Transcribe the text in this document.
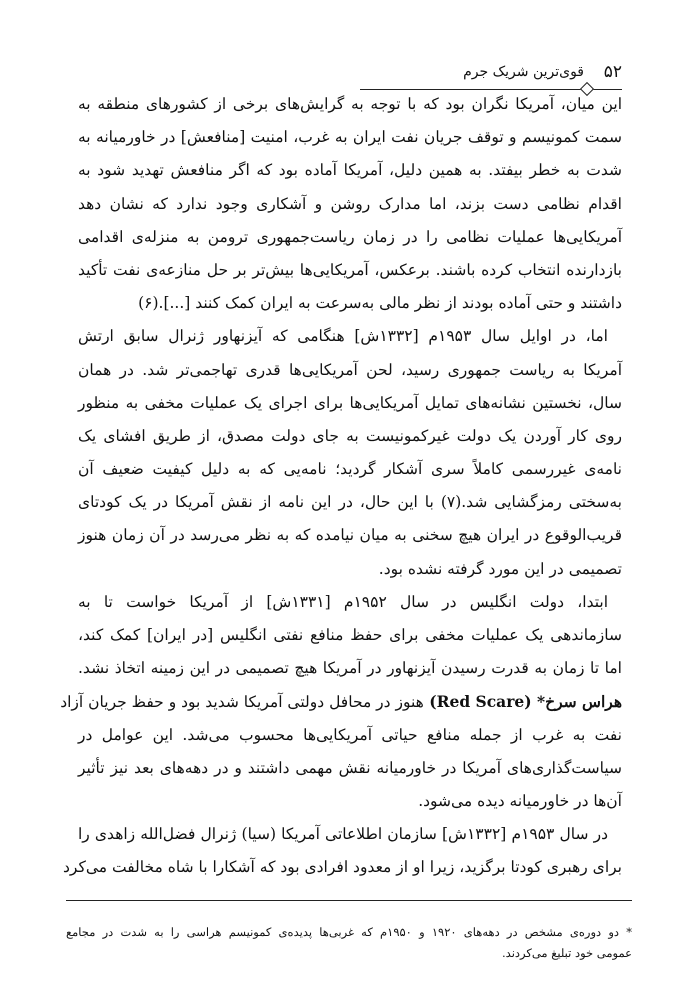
۵۲
قوی‌ترین شریک جرم
این میان، آمریکا نگران بود که با توجه به گرایش‌های برخی از کشورهای منطقه به
سمت کمونیسم و توقف جریان نفت ایران به غرب، امنیت [منافعش] در خاورمیانه به
شدت به خطر بیفتد. به همین دلیل، آمریکا آماده بود که اگر منافعش تهدید شود به
اقدام نظامی دست بزند، اما مدارک روشن و آشکاری وجود ندارد که نشان دهد
آمریکایی‌ها عملیات نظامی را در زمان ریاست‌جمهوری ترومن به منزله‌ی اقدامی
بازدارنده انتخاب کرده باشند. برعکس، آمریکایی‌ها بیش‌تر بر حل منازعه‌ی نفت تأکید
داشتند و حتی آماده بودند از نظر مالی به‌سرعت به ایران کمک کنند [...].(۶)
اما، در اوایل سال ۱۹۵۳م [۱۳۳۲ش] هنگامی که آیزنهاور ژنرال سابق ارتش
آمریکا به ریاست جمهوری رسید، لحن آمریکایی‌ها قدری تهاجمی‌تر شد. در همان
سال، نخستین نشانه‌های تمایل آمریکایی‌ها برای اجرای یک عملیات مخفی به منظور
روی کار آوردن یک دولت غیرکمونیست به جای دولت مصدق، از طریق افشای یک
نامه‌ی غیررسمی کاملاً سری آشکار گردید؛ نامه‌یی که به دلیل کیفیت ضعیف آن
به‌سختی رمزگشایی شد.(۷) با این حال، در این نامه از نقش آمریکا در یک کودتای
قریب‌الوقوع در ایران هیچ سخنی به میان نیامده که به نظر می‌رسد در آن زمان هنوز
تصمیمی در این مورد گرفته نشده بود.
ابتدا، دولت انگلیس در سال ۱۹۵۲م [۱۳۳۱ش] از آمریکا خواست تا به
سازماندهی یک عملیات مخفی برای حفظ منافع نفتی انگلیس [در ایران] کمک کند،
اما تا زمان به قدرت رسیدن آیزنهاور در آمریکا هیچ تصمیمی در این زمینه اتخاذ نشد.
هراس سرخ* (Red Scare) هنوز در محافل دولتی آمریکا شدید بود و حفظ جریان آزاد
نفت به غرب از جمله منافع حیاتی آمریکایی‌ها محسوب می‌شد. این عوامل در
سیاست‌گذاری‌های آمریکا در خاورمیانه نقش مهمی داشتند و در دهه‌های بعد نیز تأثیر
آن‌ها در خاورمیانه دیده می‌شود.
در سال ۱۹۵۳م [۱۳۳۲ش] سازمان اطلاعاتی آمریکا (سیا) ژنرال فضل‌الله زاهدی را
برای رهبری کودتا برگزید، زیرا او از معدود افرادی بود که آشکارا با شاه مخالفت می‌کرد
* دو دوره‌ی مشخص در دهه‌های ۱۹۲۰ و ۱۹۵۰م که غربی‌ها پدیده‌ی کمونیسم هراسی را به شدت در مجامع
عمومی خود تبلیغ می‌کردند.
